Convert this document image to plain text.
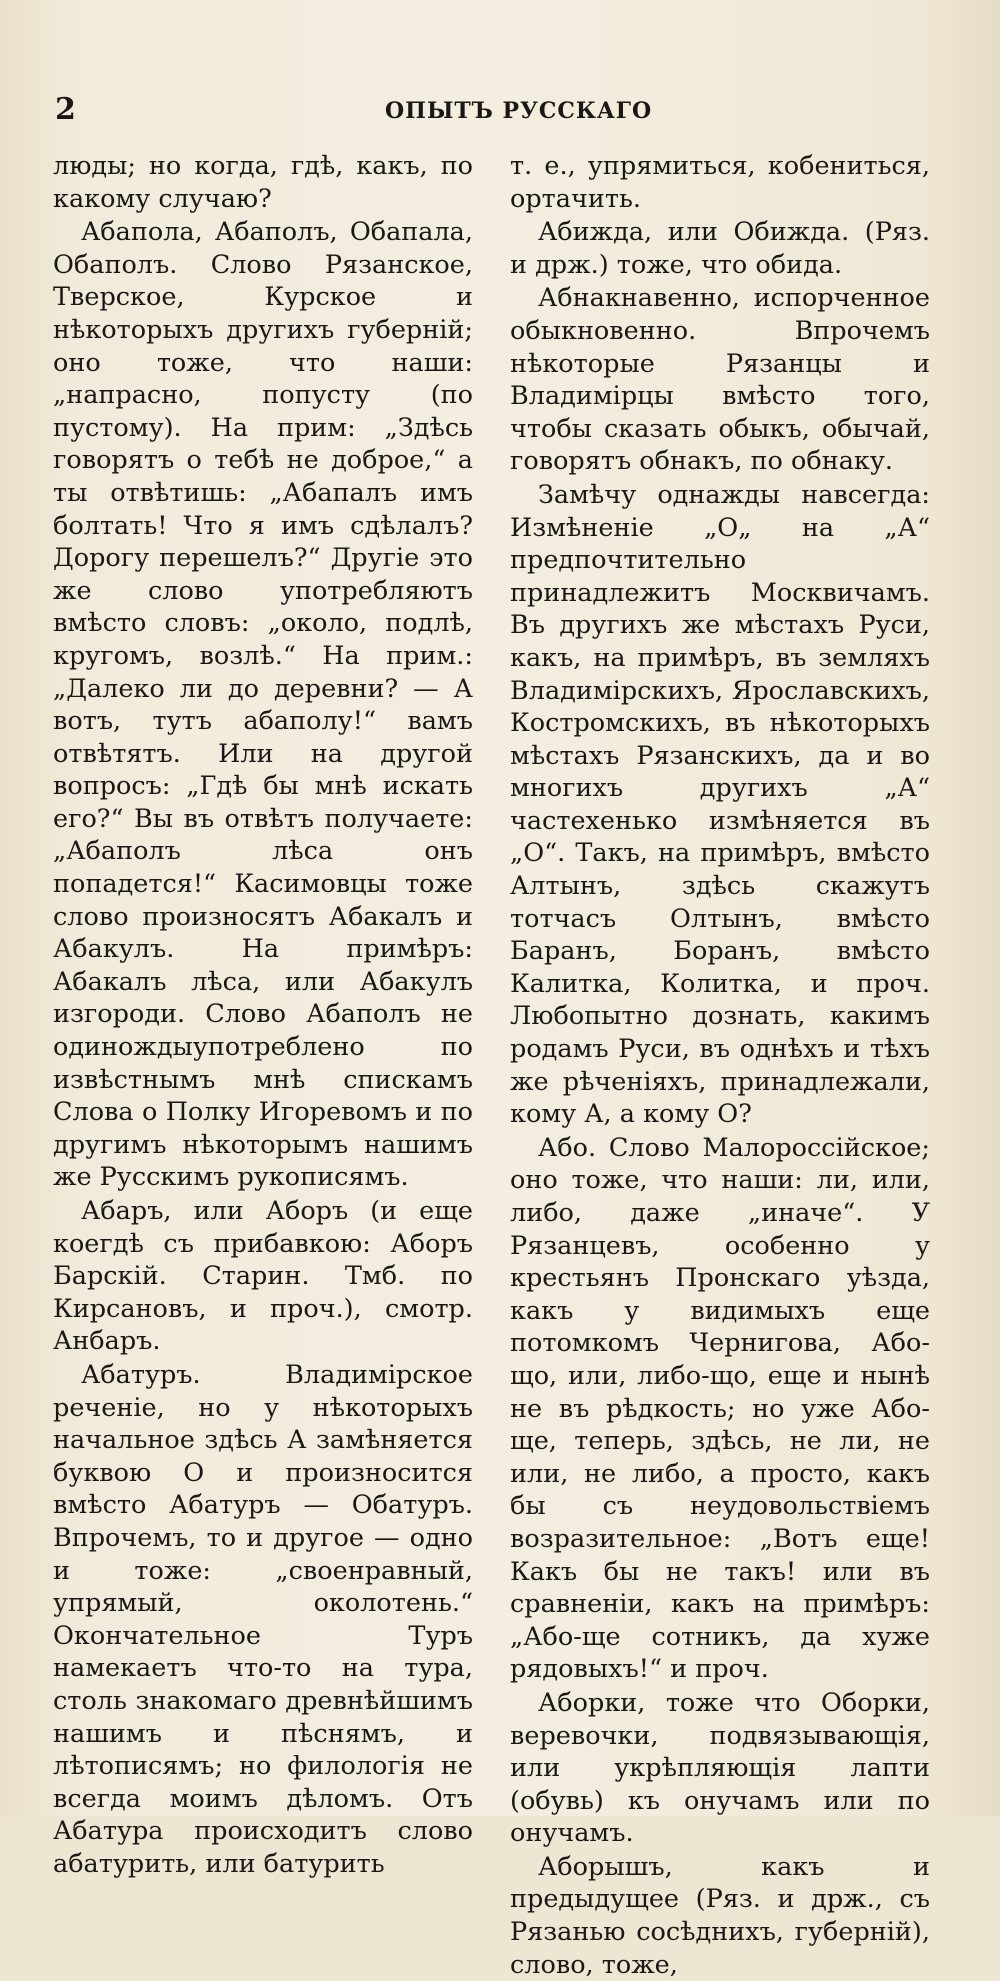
2	ОПЫТЪ РУССКАГО

люды; но когда, гдѣ, какъ, по какому случаю?

Абапола, Абаполъ, Обапала, Обаполъ. Слово Рязанское, Тверское, Курское и нѣкоторыхъ другихъ губерній; оно тоже, что наши: „напрасно, попусту (по пустому). На прим: „Здѣсь говорятъ о тебѣ не доброе,“ а ты отвѣтишь: „Абапалъ имъ болтать! Что я имъ сдѣлалъ? Дорогу перешелъ?“ Другіе это же слово употребляютъ вмѣсто словъ: „около, подлѣ, кругомъ, возлѣ.“ На прим.: „Далеко ли до деревни? — А вотъ, тутъ абаполу!“ вамъ отвѣтятъ. Или на другой вопросъ: „Гдѣ бы мнѣ искать его?“ Вы въ отвѣтъ получаете: „Абаполъ лѣса онъ попадется!“ Касимовцы тоже слово произносятъ Абакалъ и Абакулъ. На примѣръ: Абакалъ лѣса, или Абакулъ изгороди. Слово Абаполъ не одинождыупотреблено по извѣстнымъ мнѣ спискамъ Слова о Полку Игоревомъ и по другимъ нѣкоторымъ нашимъ же Русскимъ рукописямъ.

Абаръ, или Аборъ (и еще коегдѣ съ прибавкою: Аборъ Барскій. Старин. Тмб. по Кирсановъ, и проч.), смотр. Анбаръ.

Абатуръ. Владимірское реченіе, но у нѣкоторыхъ начальное здѣсь А замѣняется буквою О и произносится вмѣсто Абатуръ — Обатуръ. Впрочемъ, то и другое — одно и тоже: „своенравный, упрямый, околотень.“ Окончательное Туръ намекаетъ что-то на тура, столь знакомаго древнѣйшимъ нашимъ и пѣснямъ, и лѣтописямъ; но филологія не всегда моимъ дѣломъ. Отъ Абатура происходитъ слово абатурить, или батурить

т. е., упрямиться, кобениться, ортачить.

Абижда, или Обижда. (Ряз. и држ.) тоже, что обида.

Абнакнавенно, испорченное обыкновенно. Впрочемъ нѣкоторые Рязанцы и Владимірцы вмѣсто того, чтобы сказать обыкъ, обычай, говорятъ обнакъ, по обнаку.

Замѣчу однажды навсегда: Измѣненіе „О„ на „А“ предпочтительно принадлежитъ Москвичамъ. Въ другихъ же мѣстахъ Руси, какъ, на примѣръ, въ земляхъ Владимірскихъ, Ярославскихъ, Костромскихъ, въ нѣкоторыхъ мѣстахъ Рязанскихъ, да и во многихъ другихъ „А“ частехенько измѣняется въ „О“. Такъ, на примѣръ, вмѣсто Алтынъ, здѣсь скажутъ тотчасъ Олтынъ, вмѣсто Баранъ, Боранъ, вмѣсто Калитка, Колитка, и проч. Любопытно дознать, какимъ родамъ Руси, въ однѣхъ и тѣхъ же рѣченіяхъ, принадлежали, кому А, а кому О?

Або. Слово Малороссійское; оно тоже, что наши: ли, или, либо, даже „иначе“. У Рязанцевъ, особенно у крестьянъ Пронскаго уѣзда, какъ у видимыхъ еще потомкомъ Чернигова, Або-що, или, либо-що, еще и нынѣ не въ рѣдкость; но уже Або-ще, теперь, здѣсь, не ли, не или, не либо, а просто, какъ бы съ неудовольствіемъ возразительное: „Вотъ еще! Какъ бы не такъ! или въ сравненіи, какъ на примѣръ: „Або-ще сотникъ, да хуже рядовыхъ!“ и проч.

Аборки, тоже что Оборки, веревочки, подвязывающія, или укрѣпляющія лапти (обувь) къ онучамъ или по онучамъ.

Аборышъ, какъ и предыдущее (Ряз. и држ., съ Рязанью сосѣднихъ, губерній), слово, тоже,
